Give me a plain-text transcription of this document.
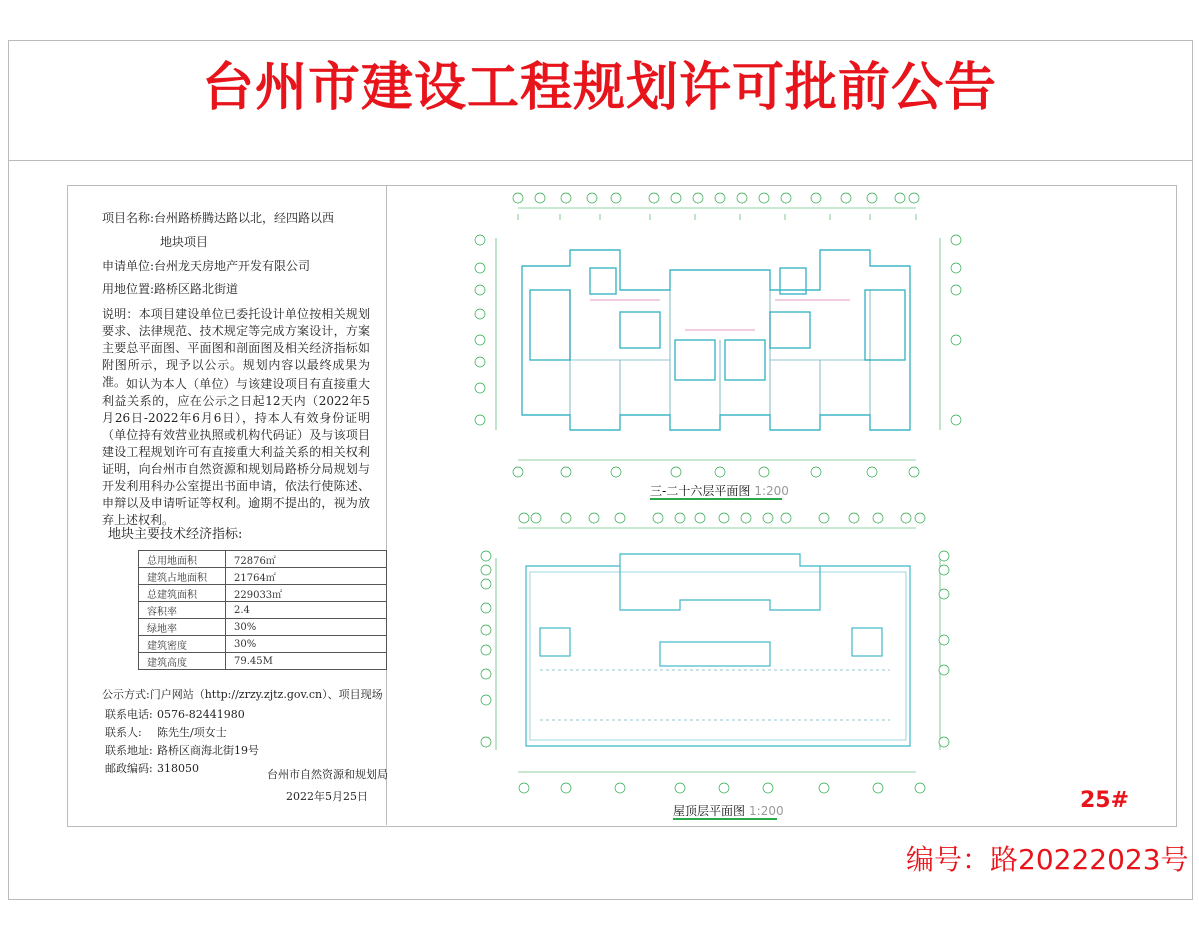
台州市建设工程规划许可批前公告
项目名称:台州路桥腾达路以北，经四路以西
地块项目
申请单位:台州龙天房地产开发有限公司
用地位置:路桥区路北街道
说明：本项目建设单位已委托设计单位按相关规划要求、法律规范、技术规定等完成方案设计，方案主要总平面图、平面图和剖面图及相关经济指标如附图所示，现予以公示。规划内容以最终成果为准。 如认为本人（单位）与该建设项目有直接重大利益关系的，应在公示之日起12天内（2022年5月26日-2022年6月6日），持本人有效身份证明（单位持有效营业执照或机构代码证）及与该项目建设工程规划许可有直接重大利益关系的相关权利证明，向台州市自然资源和规划局路桥分局规划与开发利用科办公室提出书面申请，依法行使陈述、申辩以及申请听证等权利。逾期不提出的，视为放弃上述权利。
地块主要技术经济指标:
总用地面积	72876㎡
建筑占地面积	21764㎡
总建筑面积	229033㎡
容积率	2.4
绿地率	30%
建筑密度	30%
建筑高度	79.45M
公示方式:门户网站（http://zrzy.zjtz.gov.cn）、项目现场
联系电话: 0576-82441980
联系人: 陈先生/项女士
联系地址: 路桥区商海北街19号
邮政编码: 318050	台州市自然资源和规划局
2022年5月25日
三-二十六层平面图 1:200
屋顶层平面图 1:200	25#
编号：路20222023号
